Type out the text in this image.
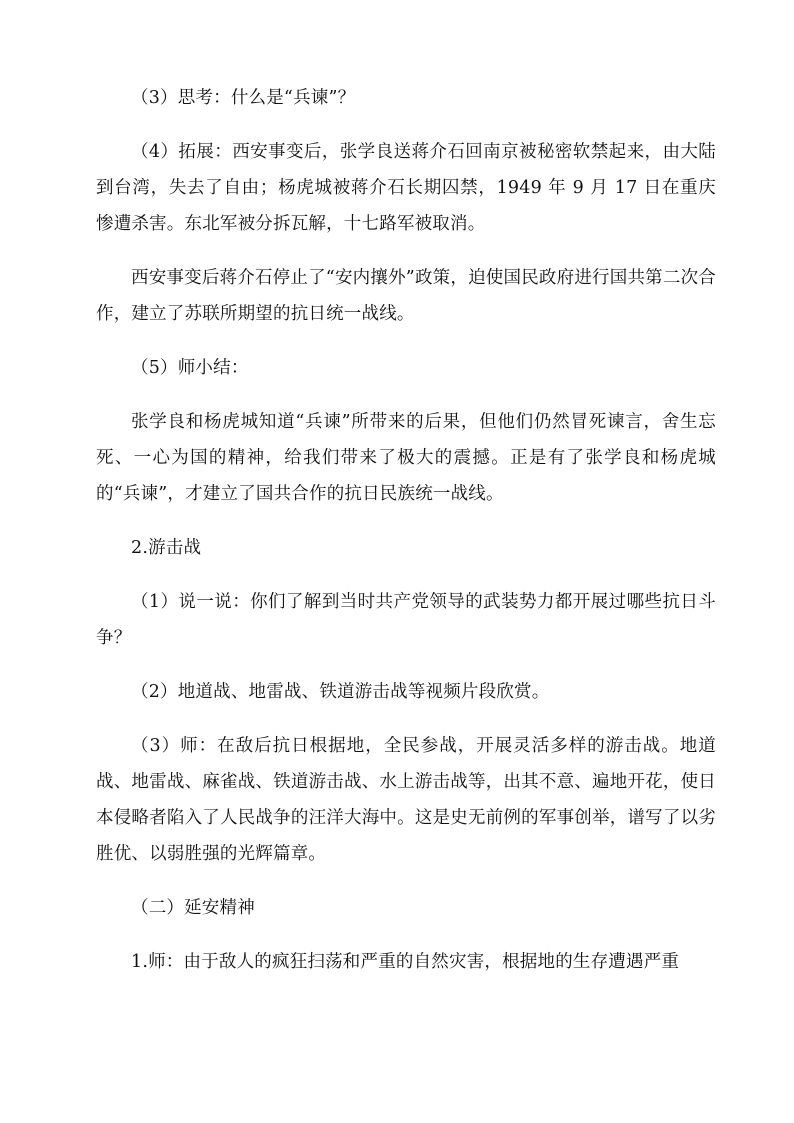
（3）思考：什么是“兵谏”？

（4）拓展：西安事变后，张学良送蒋介石回南京被秘密软禁起来，由大陆到台湾，失去了自由；杨虎城被蒋介石长期囚禁，1949 年 9 月 17 日在重庆惨遭杀害。东北军被分拆瓦解，十七路军被取消。

西安事变后蒋介石停止了“安内攘外”政策，迫使国民政府进行国共第二次合作，建立了苏联所期望的抗日统一战线。

（5）师小结：

张学良和杨虎城知道“兵谏”所带来的后果，但他们仍然冒死谏言，舍生忘死、一心为国的精神，给我们带来了极大的震撼。正是有了张学良和杨虎城的“兵谏”，才建立了国共合作的抗日民族统一战线。

2.游击战

（1）说一说：你们了解到当时共产党领导的武装势力都开展过哪些抗日斗争？

（2）地道战、地雷战、铁道游击战等视频片段欣赏。

（3）师：在敌后抗日根据地，全民参战，开展灵活多样的游击战。地道战、地雷战、麻雀战、铁道游击战、水上游击战等，出其不意、遍地开花，使日本侵略者陷入了人民战争的汪洋大海中。这是史无前例的军事创举，谱写了以劣胜优、以弱胜强的光辉篇章。

（二）延安精神

1.师：由于敌人的疯狂扫荡和严重的自然灾害，根据地的生存遭遇严重
